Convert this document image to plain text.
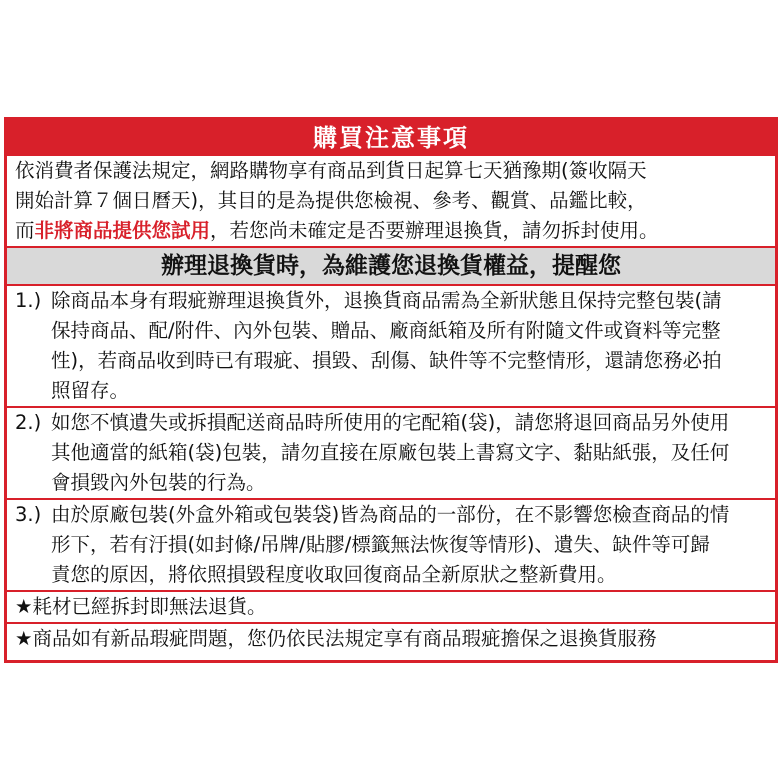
購買注意事項
依消費者保護法規定，網路購物享有商品到貨日起算七天猶豫期(簽收隔天
開始計算７個日曆天)，其目的是為提供您檢視、參考、觀賞、品鑑比較，
而非將商品提供您試用，若您尚未確定是否要辦理退換貨，請勿拆封使用。
辦理退換貨時，為維護您退換貨權益，提醒您
1.) 除商品本身有瑕疵辦理退換貨外，退換貨商品需為全新狀態且保持完整包裝(請
保持商品、配/附件、內外包裝、贈品、廠商紙箱及所有附隨文件或資料等完整
性)，若商品收到時已有瑕疵、損毀、刮傷、缺件等不完整情形，還請您務必拍
照留存。
2.) 如您不慎遺失或拆損配送商品時所使用的宅配箱(袋)，請您將退回商品另外使用
其他適當的紙箱(袋)包裝，請勿直接在原廠包裝上書寫文字、黏貼紙張，及任何
會損毀內外包裝的行為。
3.) 由於原廠包裝(外盒外箱或包裝袋)皆為商品的一部份，在不影響您檢查商品的情
形下，若有汙損(如封條/吊牌/貼膠/標籤無法恢復等情形)、遺失、缺件等可歸
責您的原因，將依照損毀程度收取回復商品全新原狀之整新費用。
★耗材已經拆封即無法退貨。
★商品如有新品瑕疵問題，您仍依民法規定享有商品瑕疵擔保之退換貨服務
